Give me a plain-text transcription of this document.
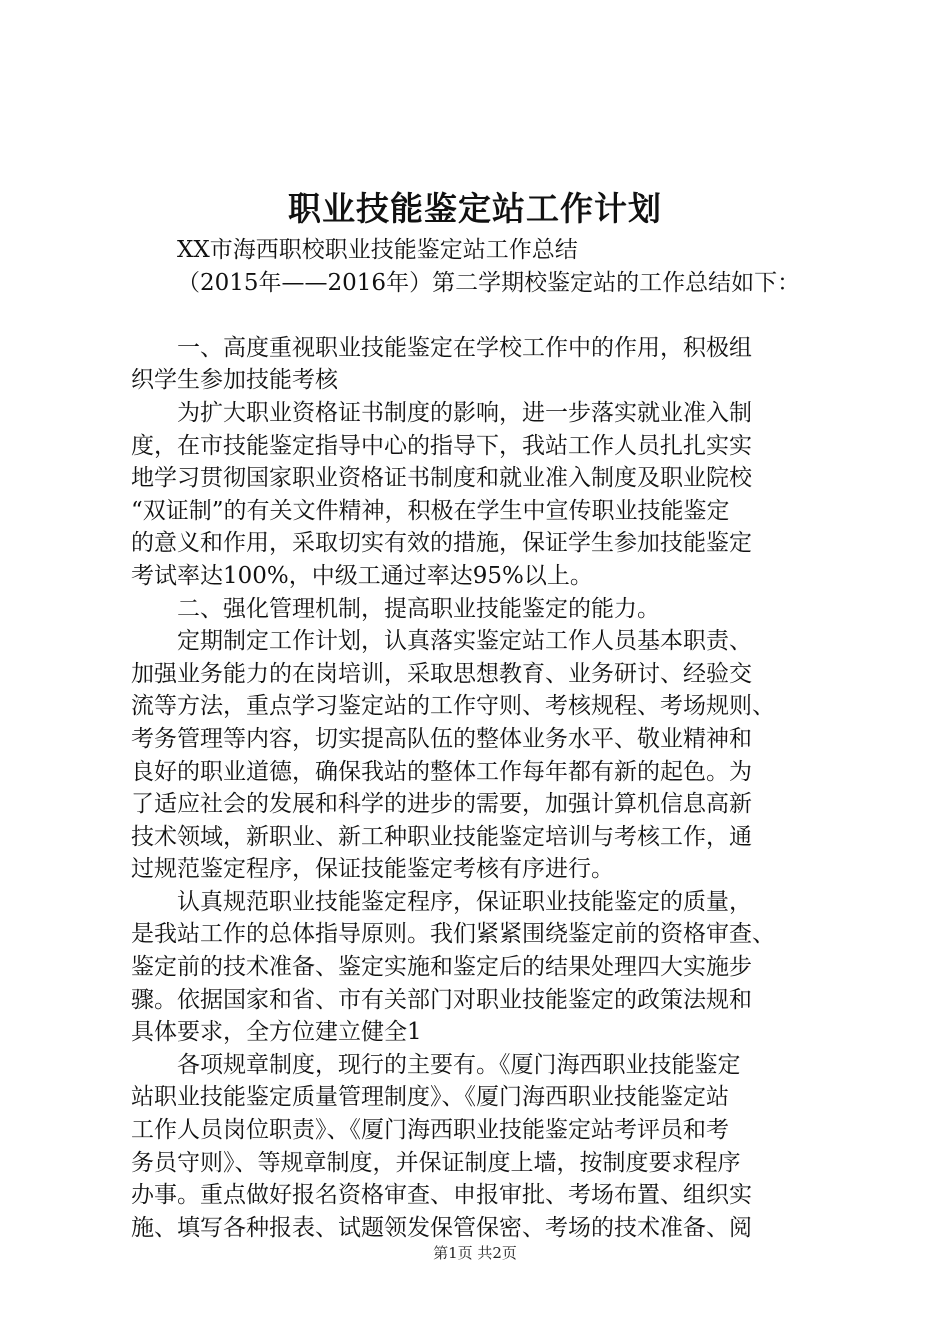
职业技能鉴定站工作计划
XX市海西职校职业技能鉴定站工作总结
（2015年——2016年）第二学期校鉴定站的工作总结如下：
一、高度重视职业技能鉴定在学校工作中的作用，积极组
织学生参加技能考核
为扩大职业资格证书制度的影响，进一步落实就业准入制
度，在市技能鉴定指导中心的指导下，我站工作人员扎扎实实
地学习贯彻国家职业资格证书制度和就业准入制度及职业院校
“双证制”的有关文件精神，积极在学生中宣传职业技能鉴定
的意义和作用，采取切实有效的措施，保证学生参加技能鉴定
考试率达100%，中级工通过率达95%以上。
二、强化管理机制，提高职业技能鉴定的能力。
定期制定工作计划，认真落实鉴定站工作人员基本职责、
加强业务能力的在岗培训，采取思想教育、业务研讨、经验交
流等方法，重点学习鉴定站的工作守则、考核规程、考场规则、
考务管理等内容，切实提高队伍的整体业务水平、敬业精神和
良好的职业道德，确保我站的整体工作每年都有新的起色。为
了适应社会的发展和科学的进步的需要，加强计算机信息高新
技术领域，新职业、新工种职业技能鉴定培训与考核工作，通
过规范鉴定程序，保证技能鉴定考核有序进行。
认真规范职业技能鉴定程序，保证职业技能鉴定的质量，
是我站工作的总体指导原则。我们紧紧围绕鉴定前的资格审查、
鉴定前的技术准备、鉴定实施和鉴定后的结果处理四大实施步
骤。依据国家和省、市有关部门对职业技能鉴定的政策法规和
具体要求，全方位建立健全1
各项规章制度，现行的主要有。《厦门海西职业技能鉴定
站职业技能鉴定质量管理制度》、《厦门海西职业技能鉴定站
工作人员岗位职责》、《厦门海西职业技能鉴定站考评员和考
务员守则》、等规章制度，并保证制度上墙，按制度要求程序
办事。重点做好报名资格审查、申报审批、考场布置、组织实
施、填写各种报表、试题领发保管保密、考场的技术准备、阅
第1页 共2页
